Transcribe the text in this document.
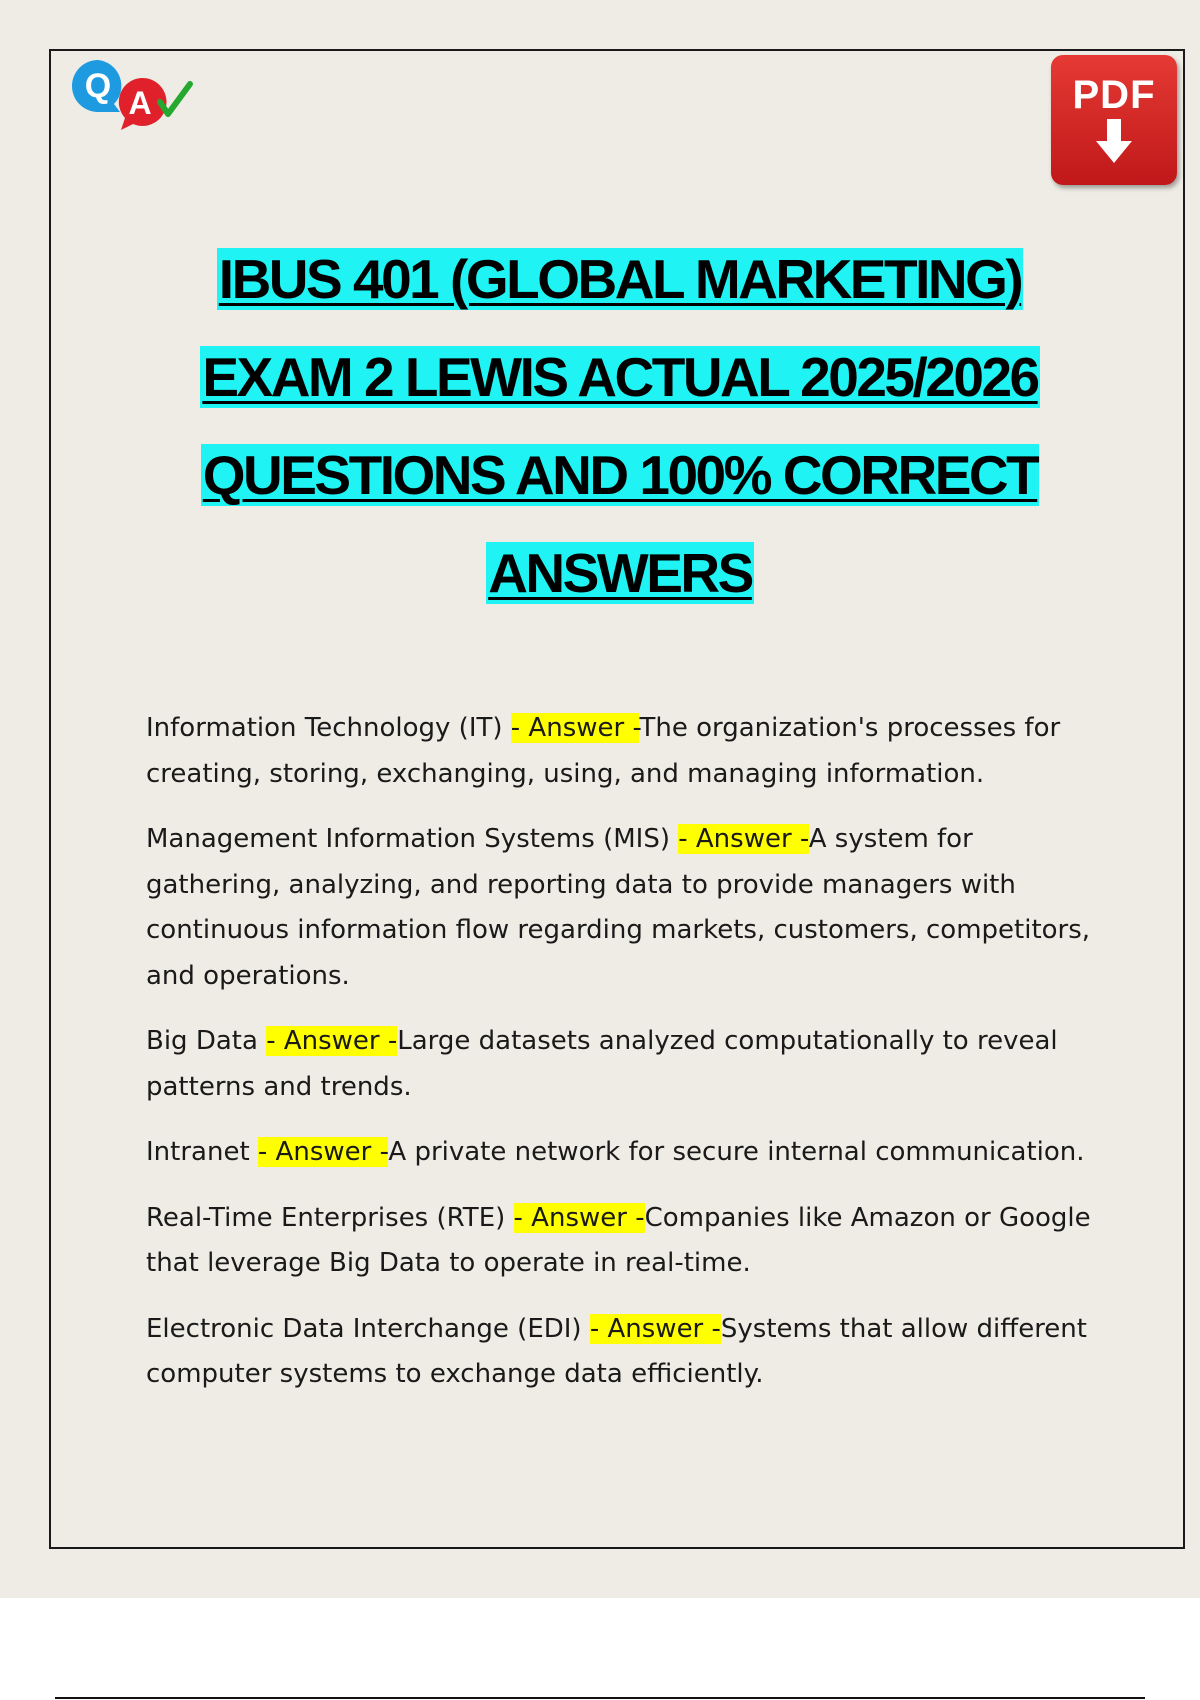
Q A	PDF
IBUS 401 (GLOBAL MARKETING)
EXAM 2 LEWIS ACTUAL 2025/2026
QUESTIONS AND 100% CORRECT
ANSWERS

Information Technology (IT) - Answer -The organization's processes for creating, storing, exchanging, using, and managing information.

Management Information Systems (MIS) - Answer -A system for gathering, analyzing, and reporting data to provide managers with continuous information flow regarding markets, customers, competitors, and operations.

Big Data - Answer -Large datasets analyzed computationally to reveal patterns and trends.

Intranet - Answer -A private network for secure internal communication.

Real-Time Enterprises (RTE) - Answer -Companies like Amazon or Google that leverage Big Data to operate in real-time.

Electronic Data Interchange (EDI) - Answer -Systems that allow different computer systems to exchange data efficiently.
